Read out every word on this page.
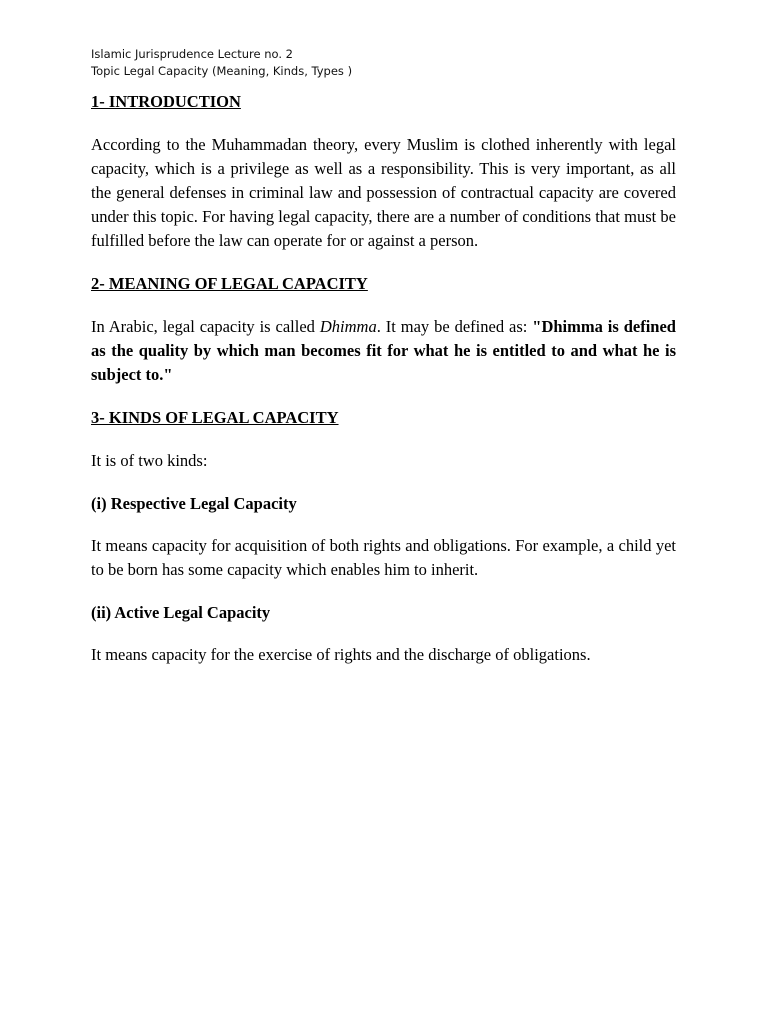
Islamic Jurisprudence Lecture no. 2
Topic Legal Capacity (Meaning, Kinds, Types )
1- INTRODUCTION

According to the Muhammadan theory, every Muslim is clothed inherently with legal capacity, which is a privilege as well as a responsibility. This is very important, as all the general defenses in criminal law and possession of contractual capacity are covered under this topic. For having legal capacity, there are a number of conditions that must be fulfilled before the law can operate for or against a person.

2- MEANING OF LEGAL CAPACITY

In Arabic, legal capacity is called Dhimma. It may be defined as: "Dhimma is defined as the quality by which man becomes fit for what he is entitled to and what he is subject to."

3- KINDS OF LEGAL CAPACITY

It is of two kinds:

(i) Respective Legal Capacity

It means capacity for acquisition of both rights and obligations. For example, a child yet to be born has some capacity which enables him to inherit.

(ii) Active Legal Capacity

It means capacity for the exercise of rights and the discharge of obligations.
